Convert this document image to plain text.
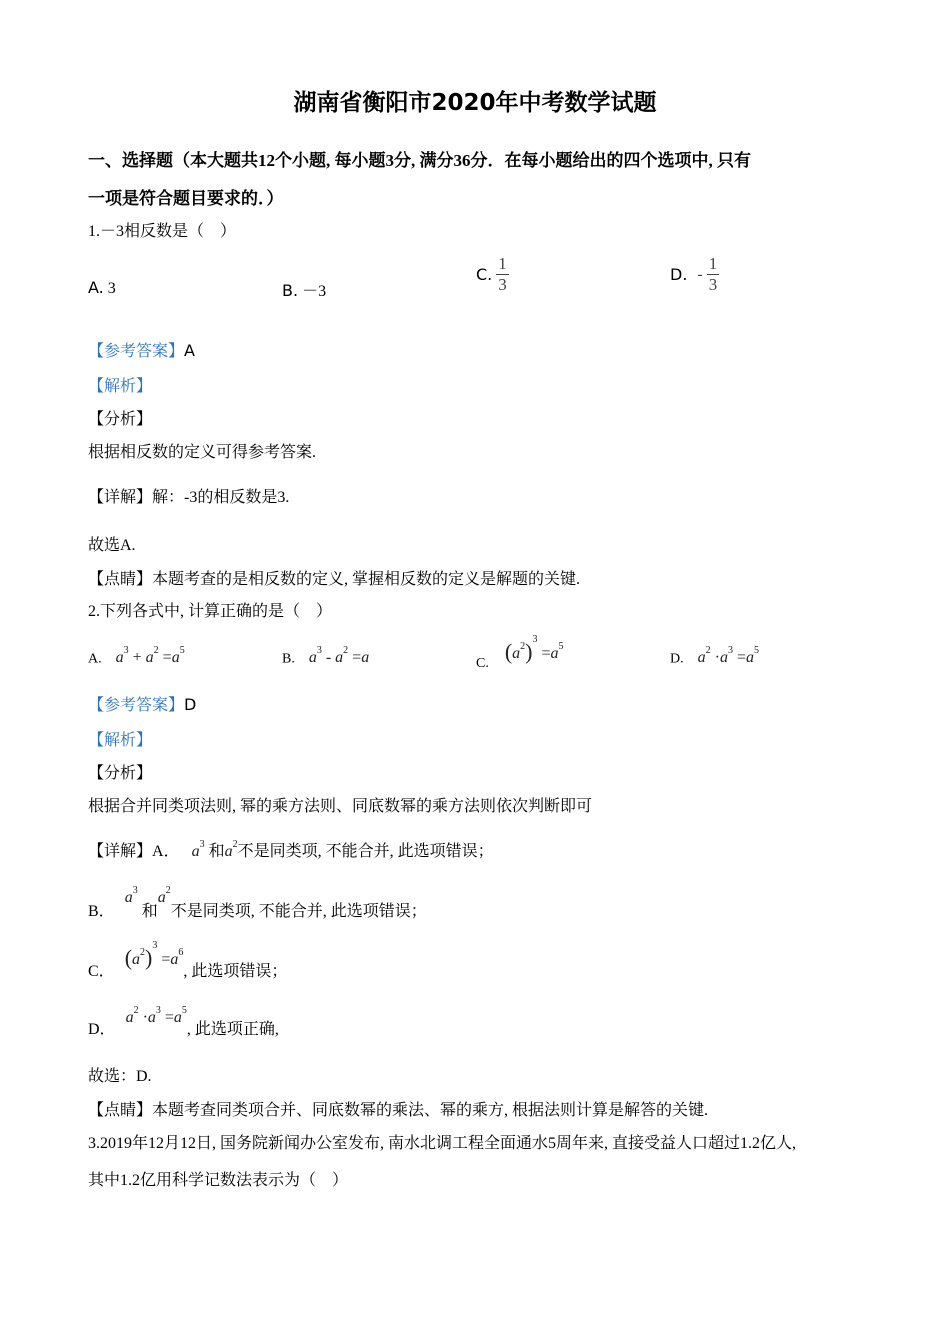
湖南省衡阳市2020年中考数学试题
一、选择题（本大题共12个小题, 每小题3分, 满分36分．在每小题给出的四个选项中, 只有
一项是符合题目要求的．）
1.－3相反数是（　）
A. 3	B. －3
C. $\frac{1}{3}$	D. - $\frac{1}{3}$
【参考答案】A
【解析】
【分析】
根据相反数的定义可得参考答案.
【详解】解：-3的相反数是3.
故选A.
【点睛】本题考查的是相反数的定义, 掌握相反数的定义是解题的关键.
2.下列各式中, 计算正确的是（　）
A. $a^3 + a^2 =a^5$
B. $a^3 - a^2 =a$	C. $(a^2)^3 =a^5$
D. $a^2 \cdot a^3 =a^5$
【参考答案】D
【解析】
【分析】
根据合并同类项法则, 幂的乘方法则、同底数幂的乘方法则依次判断即可
【详解】A． $a^3$ 和$a^2$不是同类项, 不能合并, 此选项错误；
B． $a^3$ 和$a^2$不是同类项, 不能合并, 此选项错误；
C． $(a^2)^3 =a^6$, 此选项错误；
D． $a^2 \cdot a^3 =a^5$, 此选项正确,
故选：D.
【点睛】本题考查同类项合并、同底数幂的乘法、幂的乘方, 根据法则计算是解答的关键.
3.2019年12月12日, 国务院新闻办公室发布, 南水北调工程全面通水5周年来, 直接受益人口超过1.2亿人,
其中1.2亿用科学记数法表示为（　）
